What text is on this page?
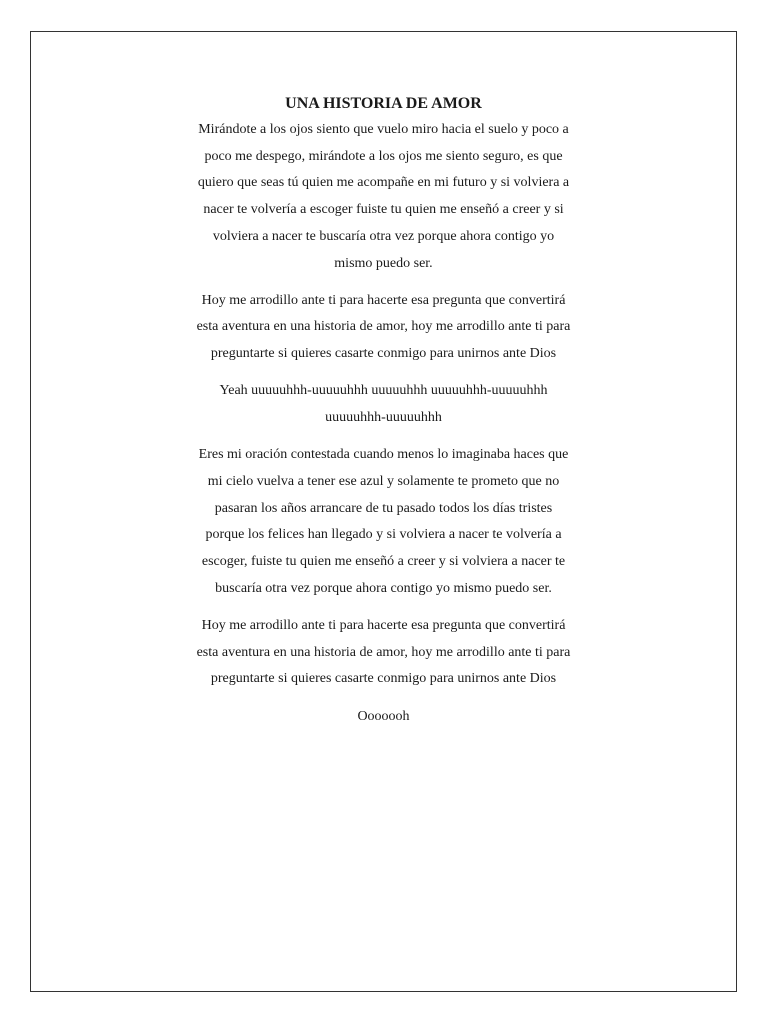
UNA HISTORIA DE AMOR
Mirándote a los ojos siento que vuelo miro hacia el suelo y poco a
poco me despego, mirándote a los ojos me siento seguro, es que
quiero que seas tú quien me acompañe en mi futuro y si volviera a
nacer te volvería a escoger fuiste tu quien me enseñó a creer y si
volviera a nacer te buscaría otra vez porque ahora contigo yo
mismo puedo ser.
Hoy me arrodillo ante ti para hacerte esa pregunta que convertirá
esta aventura en una historia de amor, hoy me arrodillo ante ti para
preguntarte si quieres casarte conmigo para unirnos ante Dios
Yeah uuuuuhhh-uuuuuhhh uuuuuhhh uuuuuhhh-uuuuuhhh
uuuuuhhh-uuuuuhhh
Eres mi oración contestada cuando menos lo imaginaba haces que
mi cielo vuelva a tener ese azul y solamente te prometo que no
pasaran los años arrancare de tu pasado todos los días tristes
porque los felices han llegado y si volviera a nacer te volvería a
escoger, fuiste tu quien me enseñó a creer y si volviera a nacer te
buscaría otra vez porque ahora contigo yo mismo puedo ser.
Hoy me arrodillo ante ti para hacerte esa pregunta que convertirá
esta aventura en una historia de amor, hoy me arrodillo ante ti para
preguntarte si quieres casarte conmigo para unirnos ante Dios
Ooooooh
